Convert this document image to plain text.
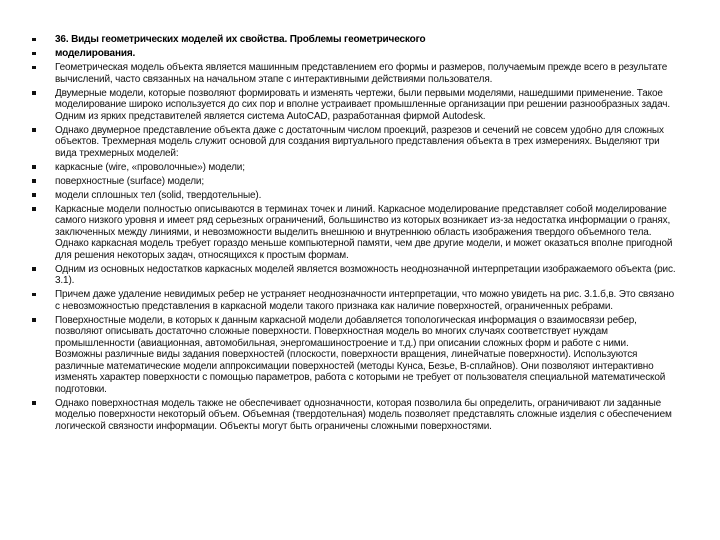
36. Виды геометрических моделей их свойства. Проблемы геометрического
моделирования.
Геометрическая модель объекта является машинным представлением его формы и размеров, получаемым прежде всего в результате вычислений, часто связанных на начальном этапе с интерактивными действиями пользователя.
Двумерные модели, которые позволяют формировать и изменять чертежи, были первыми моделями, нашедшими применение. Такое моделирование широко используется до сих пор и вполне устраивает промышленные организации при решении разнообразных задач. Одним из ярких представителей является система AutoCAD, разработанная фирмой Autodesk.
Однако двумерное представление объекта даже с достаточным числом проекций, разрезов и сечений не совсем удобно для сложных объектов. Трехмерная модель служит основой для создания виртуального представления объекта в трех измерениях. Выделяют три вида трехмерных моделей:
каркасные (wire, «проволочные») модели;
поверхностные (surface) модели;
модели сплошных тел (solid, твердотельные).
Каркасные модели полностью описываются в терминах точек и линий. Каркасное моделирование представляет собой моделирование самого низкого уровня и имеет ряд серьезных ограничений, большинство из которых возникает из-за недостатка информации о гранях, заключенных между линиями, и невозможности выделить внешнюю и внутреннюю область изображения твердого объемного тела. Однако каркасная модель требует гораздо меньше компьютерной памяти, чем две другие модели, и может оказаться вполне пригодной для решения некоторых задач, относящихся к простым формам.
Одним из основных недостатков каркасных моделей является возможность неоднозначной интерпретации изображаемого объекта (рис. 3.1).
Причем даже удаление невидимых ребер не устраняет неоднозначности интерпретации, что можно увидеть на рис. 3.1.б,в. Это связано с невозможностью представления в каркасной модели такого признака как наличие поверхностей, ограниченных ребрами.
Поверхностные модели, в которых к данным каркасной модели добавляется топологическая информация о взаимосвязи ребер, позволяют описывать достаточно сложные поверхности. Поверхностная модель во многих случаях соответствует нуждам промышленности (авиационная, автомобильная, энергомашиностроение и т.д.) при описании сложных форм и работе с ними. Возможны различные виды задания поверхностей (плоскости, поверхности вращения, линейчатые поверхности). Используются различные математические модели аппроксимации поверхностей (методы Кунса, Безье, В-сплайнов). Они позволяют интерактивно изменять характер поверхности с помощью параметров, работа с которыми не требует от пользователя специальной математической подготовки.
Однако поверхностная модель также не обеспечивает однозначности, которая позволила бы определить, ограничивают ли заданные моделью поверхности некоторый объем. Объемная (твердотельная) модель позволяет представлять сложные изделия с обеспечением логической связности информации. Объекты могут быть ограничены сложными поверхностями.
